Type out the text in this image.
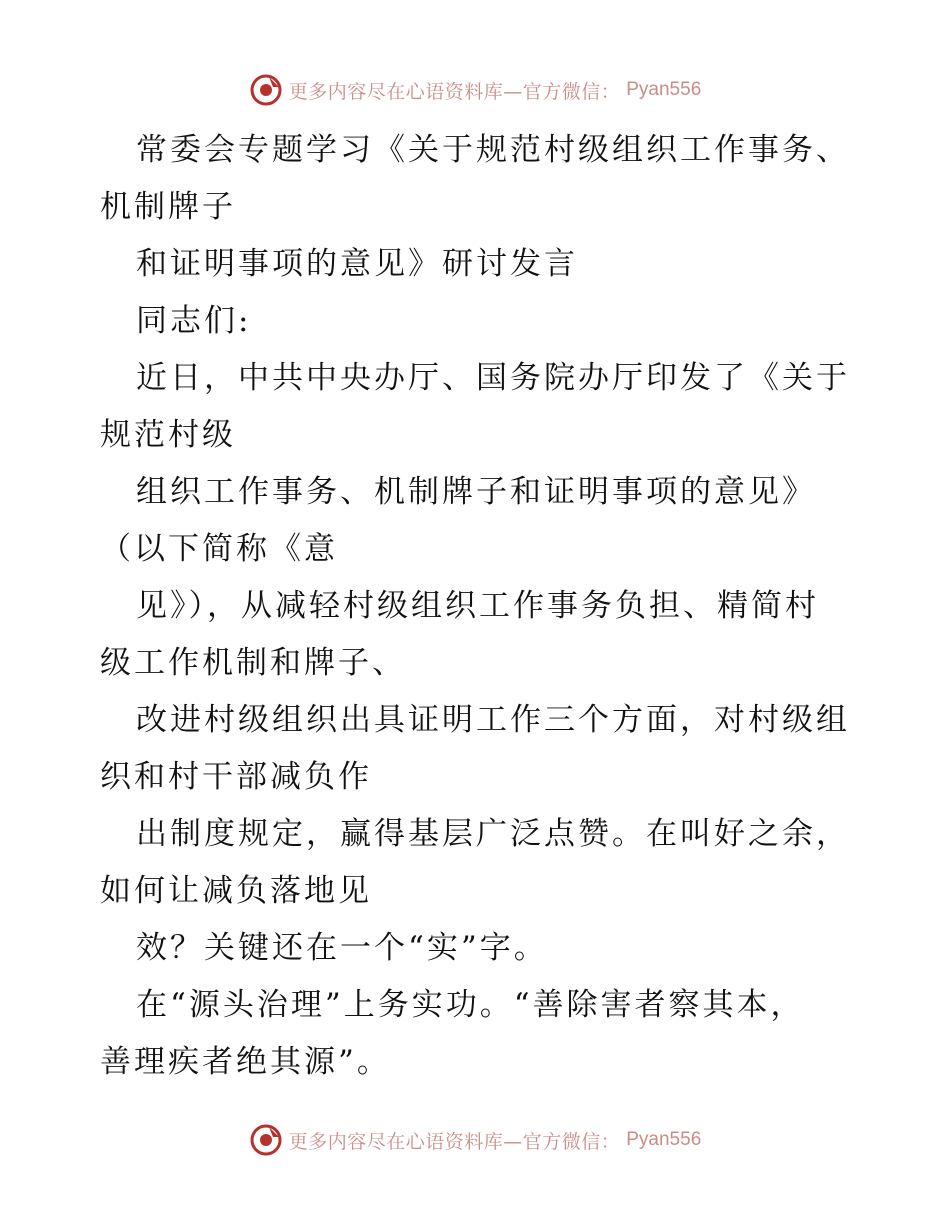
更多内容尽在心语资料库—官方微信： Pyan556
常委会专题学习《关于规范村级组织工作事务、
机制牌子
和证明事项的意见》研讨发言
同志们:
近日，中共中央办厅、国务院办厅印发了《关于
规范村级
组织工作事务、机制牌子和证明事项的意见》
（以下简称《意
见》），从减轻村级组织工作事务负担、精简村
级工作机制和牌子、
改进村级组织出具证明工作三个方面，对村级组
织和村干部减负作
出制度规定，赢得基层广泛点赞。在叫好之余，
如何让减负落地见
效？关键还在一个“实”字。
在“源头治理”上务实功。“善除害者察其本，
善理疾者绝其源”。
更多内容尽在心语资料库—官方微信： Pyan556
